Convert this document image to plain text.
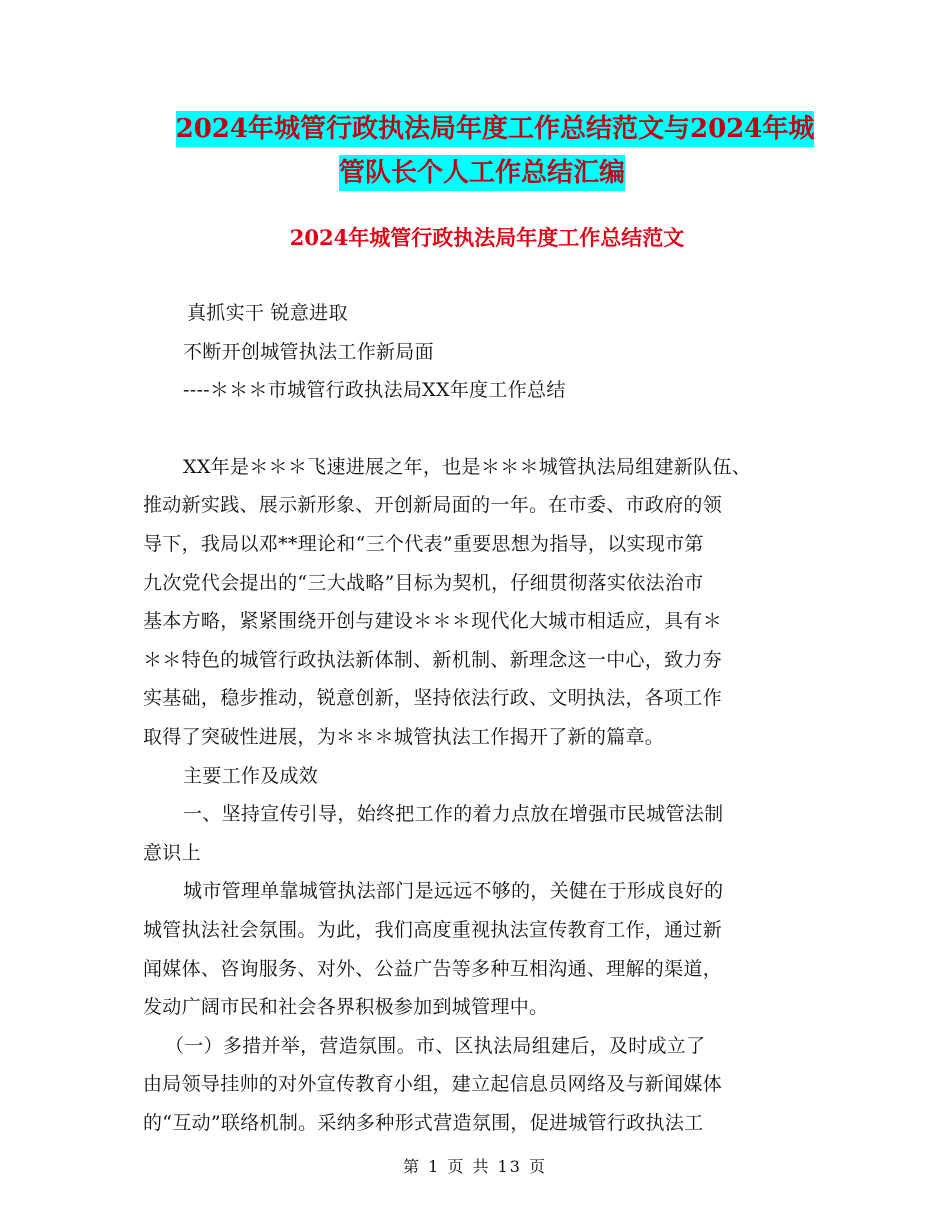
2024年城管行政执法局年度工作总结范文与2024年城
管队长个人工作总结汇编
2024年城管行政执法局年度工作总结范文

真抓实干 锐意进取

不断开创城管执法工作新局面

----＊＊＊市城管行政执法局XX年度工作总结

XX年是＊＊＊飞速进展之年，也是＊＊＊城管执法局组建新队伍、

推动新实践、展示新形象、开创新局面的一年。在市委、市政府的领

导下，我局以邓**理论和“三个代表”重要思想为指导，以实现市第

九次党代会提出的“三大战略”目标为契机，仔细贯彻落实依法治市

基本方略，紧紧围绕开创与建设＊＊＊现代化大城市相适应，具有＊

＊＊特色的城管行政执法新体制、新机制、新理念这一中心，致力夯

实基础，稳步推动，锐意创新，坚持依法行政、文明执法，各项工作

取得了突破性进展，为＊＊＊城管执法工作揭开了新的篇章。

主要工作及成效

一、坚持宣传引导，始终把工作的着力点放在增强市民城管法制

意识上

城市管理单靠城管执法部门是远远不够的，关健在于形成良好的

城管执法社会氛围。为此，我们高度重视执法宣传教育工作，通过新

闻媒体、咨询服务、对外、公益广告等多种互相沟通、理解的渠道，

发动广阔市民和社会各界积极参加到城管理中。

（一）多措并举，营造氛围。市、区执法局组建后，及时成立了

由局领导挂帅的对外宣传教育小组，建立起信息员网络及与新闻媒体

的“互动”联络机制。采纳多种形式营造氛围，促进城管行政执法工

第 1 页 共 13 页
